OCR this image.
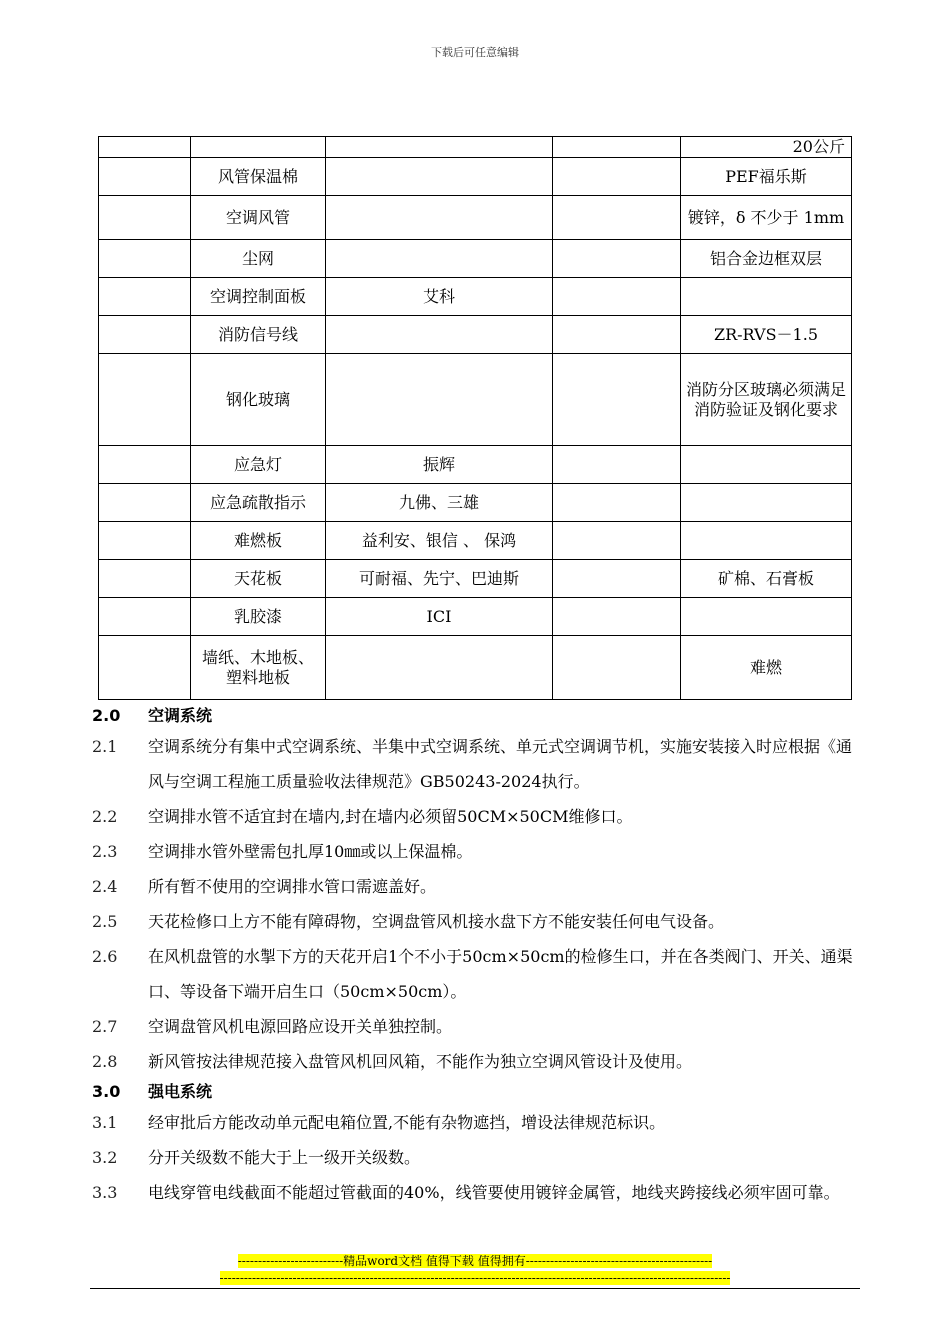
下载后可任意编辑
				20公斤
	风管保温棉			PEF福乐斯
	空调风管			镀锌，δ 不少于 1mm
	尘网			铝合金边框双层
	空调控制面板	艾科		
	消防信号线			ZR-RVS－1.5
	钢化玻璃			消防分区玻璃必须满足消防验证及钢化要求
	应急灯	振辉		
	应急疏散指示	九佛、三雄		
	难燃板	益利安、银信 、 保鸿		
	天花板	可耐福、先宁、巴迪斯		矿棉、石膏板
	乳胶漆	ICI		
	墙纸、木地板、塑料地板			难燃
2.0	空调系统
2.1	空调系统分有集中式空调系统、半集中式空调系统、单元式空调调节机，实施安装接入时应根据《通风与空调工程施工质量验收法律规范》GB50243-2024执行。
2.2	空调排水管不适宜封在墙内,封在墙内必须留50CM×50CM维修口。
2.3	空调排水管外壁需包扎厚10㎜或以上保温棉。
2.4	所有暂不使用的空调排水管口需遮盖好。
2.5	天花检修口上方不能有障碍物，空调盘管风机接水盘下方不能安装任何电气设备。
2.6	在风机盘管的水掣下方的天花开启1个不小于50cm×50cm的检修生口，并在各类阀门、开关、通渠口、等设备下端开启生口（50cm×50cm）。
2.7	空调盘管风机电源回路应设开关单独控制。
2.8	新风管按法律规范接入盘管风机回风箱，不能作为独立空调风管设计及使用。
3.0	强电系统
3.1	经审批后方能改动单元配电箱位置,不能有杂物遮挡，增设法律规范标识。
3.2	分开关级数不能大于上一级开关级数。
3.3	电线穿管电线截面不能超过管截面的40%，线管要使用镀锌金属管，地线夹跨接线必须牢固可靠。
--------------------------精品word文档 值得下载 值得拥有----------------------------------------------
------------------------------------------------------------------------------------------------------------------------------
